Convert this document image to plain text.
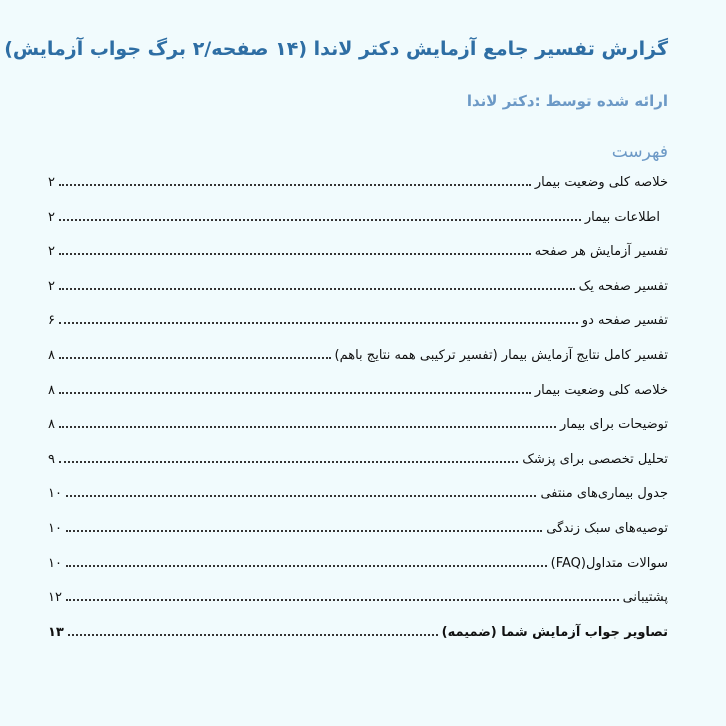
گزارش تفسیر جامع آزمایش دکتر لاندا (۱۴ صفحه/۲ برگ جواب آزمایش)
ارائه شده توسط :دکتر لاندا
فهرست
خلاصه کلی وضعیت بیمار
۲
اطلاعات بیمار
۲
تفسیر آزمایش هر صفحه
۲
تفسیر صفحه یک
۲
تفسیر صفحه دو
۶
تفسیر کامل نتایج آزمایش بیمار (تفسیر ترکیبی همه نتایج باهم)
۸
خلاصه کلی وضعیت بیمار
۸
توضیحات برای بیمار
۸
تحلیل تخصصی برای پزشک
۹
جدول بیماری‌های منتفی
۱۰
توصیه‌های سبک زندگی
۱۰
سوالات متداول(FAQ)
۱۰
پشتیبانی
۱۲
تصاویر جواب آزمایش شما (ضمیمه)
۱۳
